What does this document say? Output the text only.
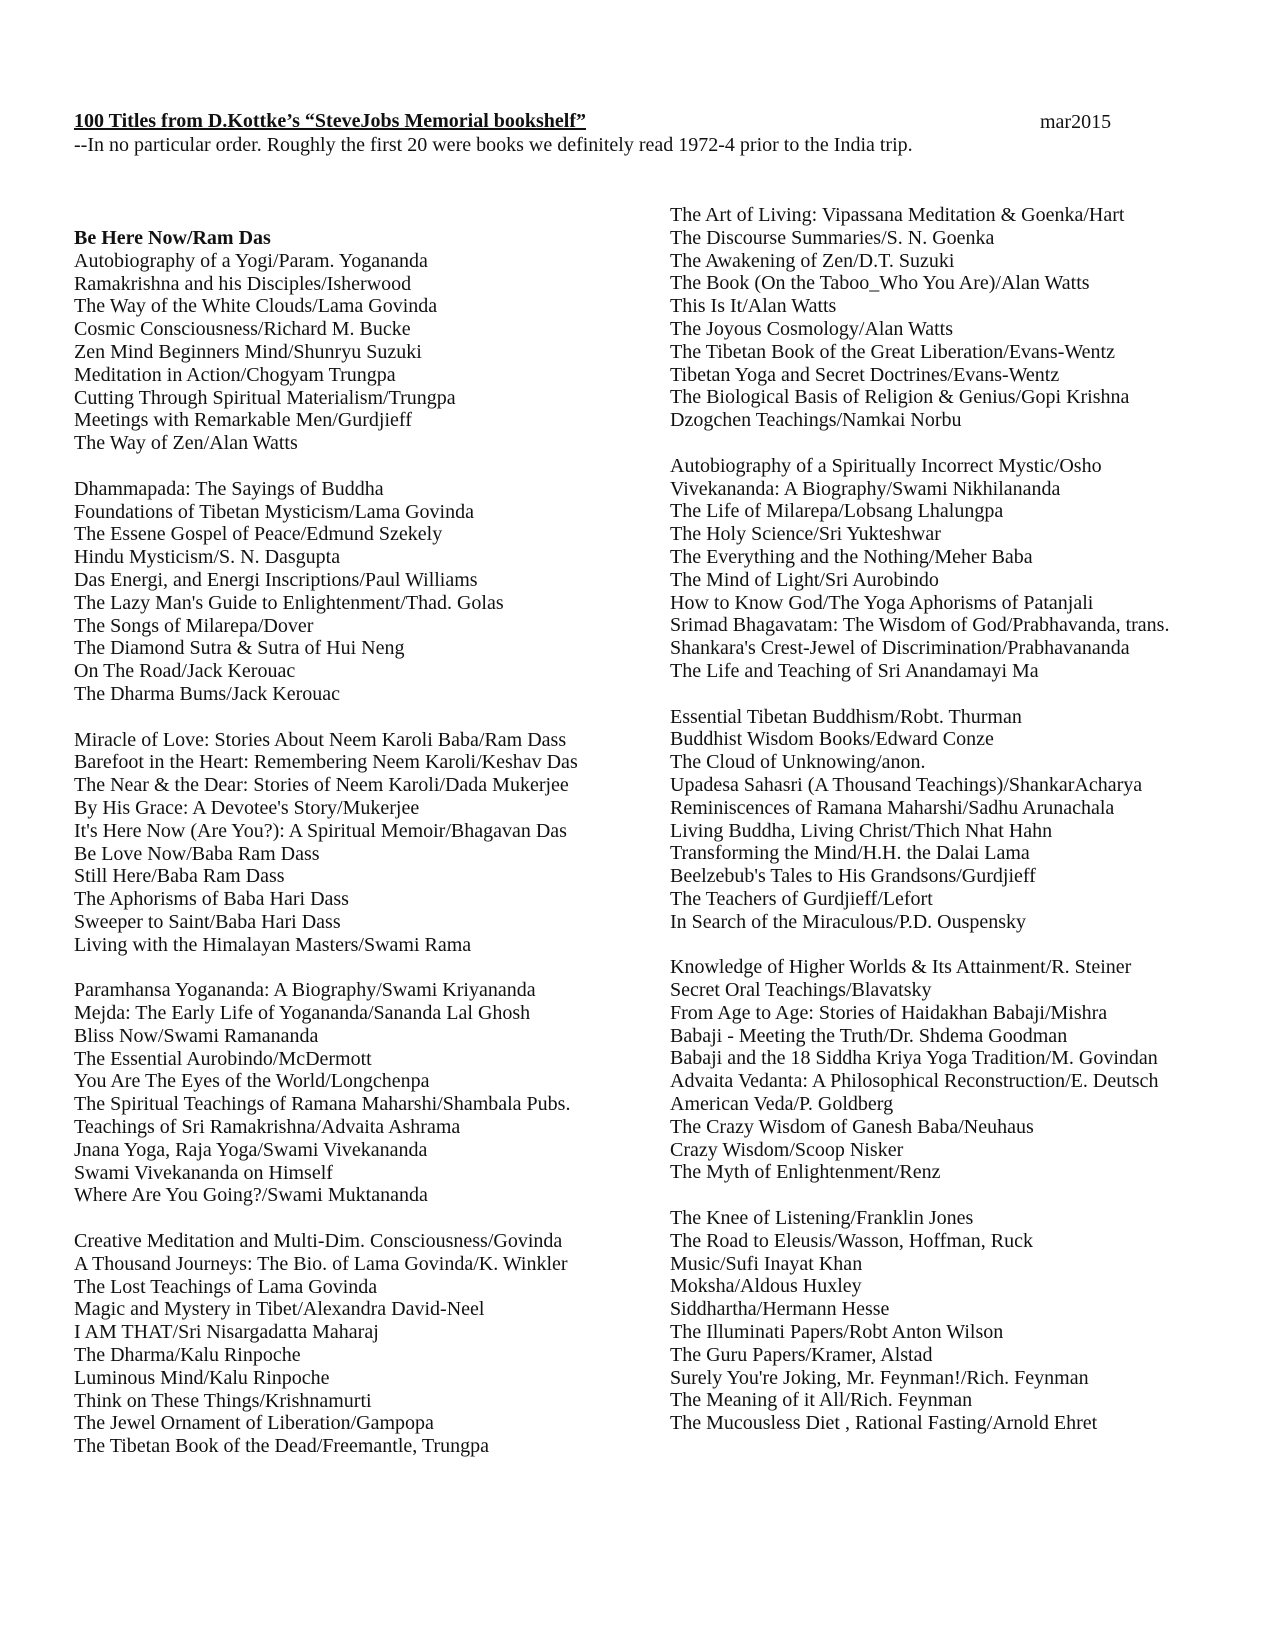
100 Titles from D.Kottke’s “SteveJobs Memorial bookshelf”	mar2015
--In no particular order. Roughly the first 20 were books we definitely read 1972-4 prior to the India trip.
Be Here Now/Ram Das
Autobiography of a Yogi/Param. Yogananda
Ramakrishna and his Disciples/Isherwood
The Way of the White Clouds/Lama Govinda
Cosmic Consciousness/Richard M. Bucke
Zen Mind Beginners Mind/Shunryu Suzuki
Meditation in Action/Chogyam Trungpa
Cutting Through Spiritual Materialism/Trungpa
Meetings with Remarkable Men/Gurdjieff
The Way of Zen/Alan Watts
Dhammapada: The Sayings of Buddha
Foundations of Tibetan Mysticism/Lama Govinda
The Essene Gospel of Peace/Edmund Szekely
Hindu Mysticism/S. N. Dasgupta
Das Energi, and Energi Inscriptions/Paul Williams
The Lazy Man's Guide to Enlightenment/Thad. Golas
The Songs of Milarepa/Dover
The Diamond Sutra & Sutra of Hui Neng
On The Road/Jack Kerouac
The Dharma Bums/Jack Kerouac
Miracle of Love: Stories About Neem Karoli Baba/Ram Dass
Barefoot in the Heart: Remembering Neem Karoli/Keshav Das
The Near & the Dear: Stories of Neem Karoli/Dada Mukerjee
By His Grace: A Devotee's Story/Mukerjee
It's Here Now (Are You?): A Spiritual Memoir/Bhagavan Das
Be Love Now/Baba Ram Dass
Still Here/Baba Ram Dass
The Aphorisms of Baba Hari Dass
Sweeper to Saint/Baba Hari Dass
Living with the Himalayan Masters/Swami Rama
Paramhansa Yogananda: A Biography/Swami Kriyananda
Mejda: The Early Life of Yogananda/Sananda Lal Ghosh
Bliss Now/Swami Ramananda
The Essential Aurobindo/McDermott
You Are The Eyes of the World/Longchenpa
The Spiritual Teachings of Ramana Maharshi/Shambala Pubs.
Teachings of Sri Ramakrishna/Advaita Ashrama
Jnana Yoga, Raja Yoga/Swami Vivekananda
Swami Vivekananda on Himself
Where Are You Going?/Swami Muktananda
Creative Meditation and Multi-Dim. Consciousness/Govinda
A Thousand Journeys: The Bio. of Lama Govinda/K. Winkler
The Lost Teachings of Lama Govinda
Magic and Mystery in Tibet/Alexandra David-Neel
I AM THAT/Sri Nisargadatta Maharaj
The Dharma/Kalu Rinpoche
Luminous Mind/Kalu Rinpoche
Think on These Things/Krishnamurti
The Jewel Ornament of Liberation/Gampopa
The Tibetan Book of the Dead/Freemantle, Trungpa
The Art of Living: Vipassana Meditation & Goenka/Hart
The Discourse Summaries/S. N. Goenka
The Awakening of Zen/D.T. Suzuki
The Book (On the Taboo_Who You Are)/Alan Watts
This Is It/Alan Watts
The Joyous Cosmology/Alan Watts
The Tibetan Book of the Great Liberation/Evans-Wentz
Tibetan Yoga and Secret Doctrines/Evans-Wentz
The Biological Basis of Religion & Genius/Gopi Krishna
Dzogchen Teachings/Namkai Norbu
Autobiography of a Spiritually Incorrect Mystic/Osho
Vivekananda: A Biography/Swami Nikhilananda
The Life of Milarepa/Lobsang Lhalungpa
The Holy Science/Sri Yukteshwar
The Everything and the Nothing/Meher Baba
The Mind of Light/Sri Aurobindo
How to Know God/The Yoga Aphorisms of Patanjali
Srimad Bhagavatam: The Wisdom of God/Prabhavanda, trans.
Shankara's Crest-Jewel of Discrimination/Prabhavananda
The Life and Teaching of Sri Anandamayi Ma
Essential Tibetan Buddhism/Robt. Thurman
Buddhist Wisdom Books/Edward Conze
The Cloud of Unknowing/anon.
Upadesa Sahasri (A Thousand Teachings)/ShankarAcharya
Reminiscences of Ramana Maharshi/Sadhu Arunachala
Living Buddha, Living Christ/Thich Nhat Hahn
Transforming the Mind/H.H. the Dalai Lama
Beelzebub's Tales to His Grandsons/Gurdjieff
The Teachers of Gurdjieff/Lefort
In Search of the Miraculous/P.D. Ouspensky
Knowledge of Higher Worlds & Its Attainment/R. Steiner
Secret Oral Teachings/Blavatsky
From Age to Age: Stories of Haidakhan Babaji/Mishra
Babaji - Meeting the Truth/Dr. Shdema Goodman
Babaji and the 18 Siddha Kriya Yoga Tradition/M. Govindan
Advaita Vedanta: A Philosophical Reconstruction/E. Deutsch
American Veda/P. Goldberg
The Crazy Wisdom of Ganesh Baba/Neuhaus
Crazy Wisdom/Scoop Nisker
The Myth of Enlightenment/Renz
The Knee of Listening/Franklin Jones
The Road to Eleusis/Wasson, Hoffman, Ruck
Music/Sufi Inayat Khan
Moksha/Aldous Huxley
Siddhartha/Hermann Hesse
The Illuminati Papers/Robt Anton Wilson
The Guru Papers/Kramer, Alstad
Surely You're Joking, Mr. Feynman!/Rich. Feynman
The Meaning of it All/Rich. Feynman
The Mucousless Diet , Rational Fasting/Arnold Ehret
